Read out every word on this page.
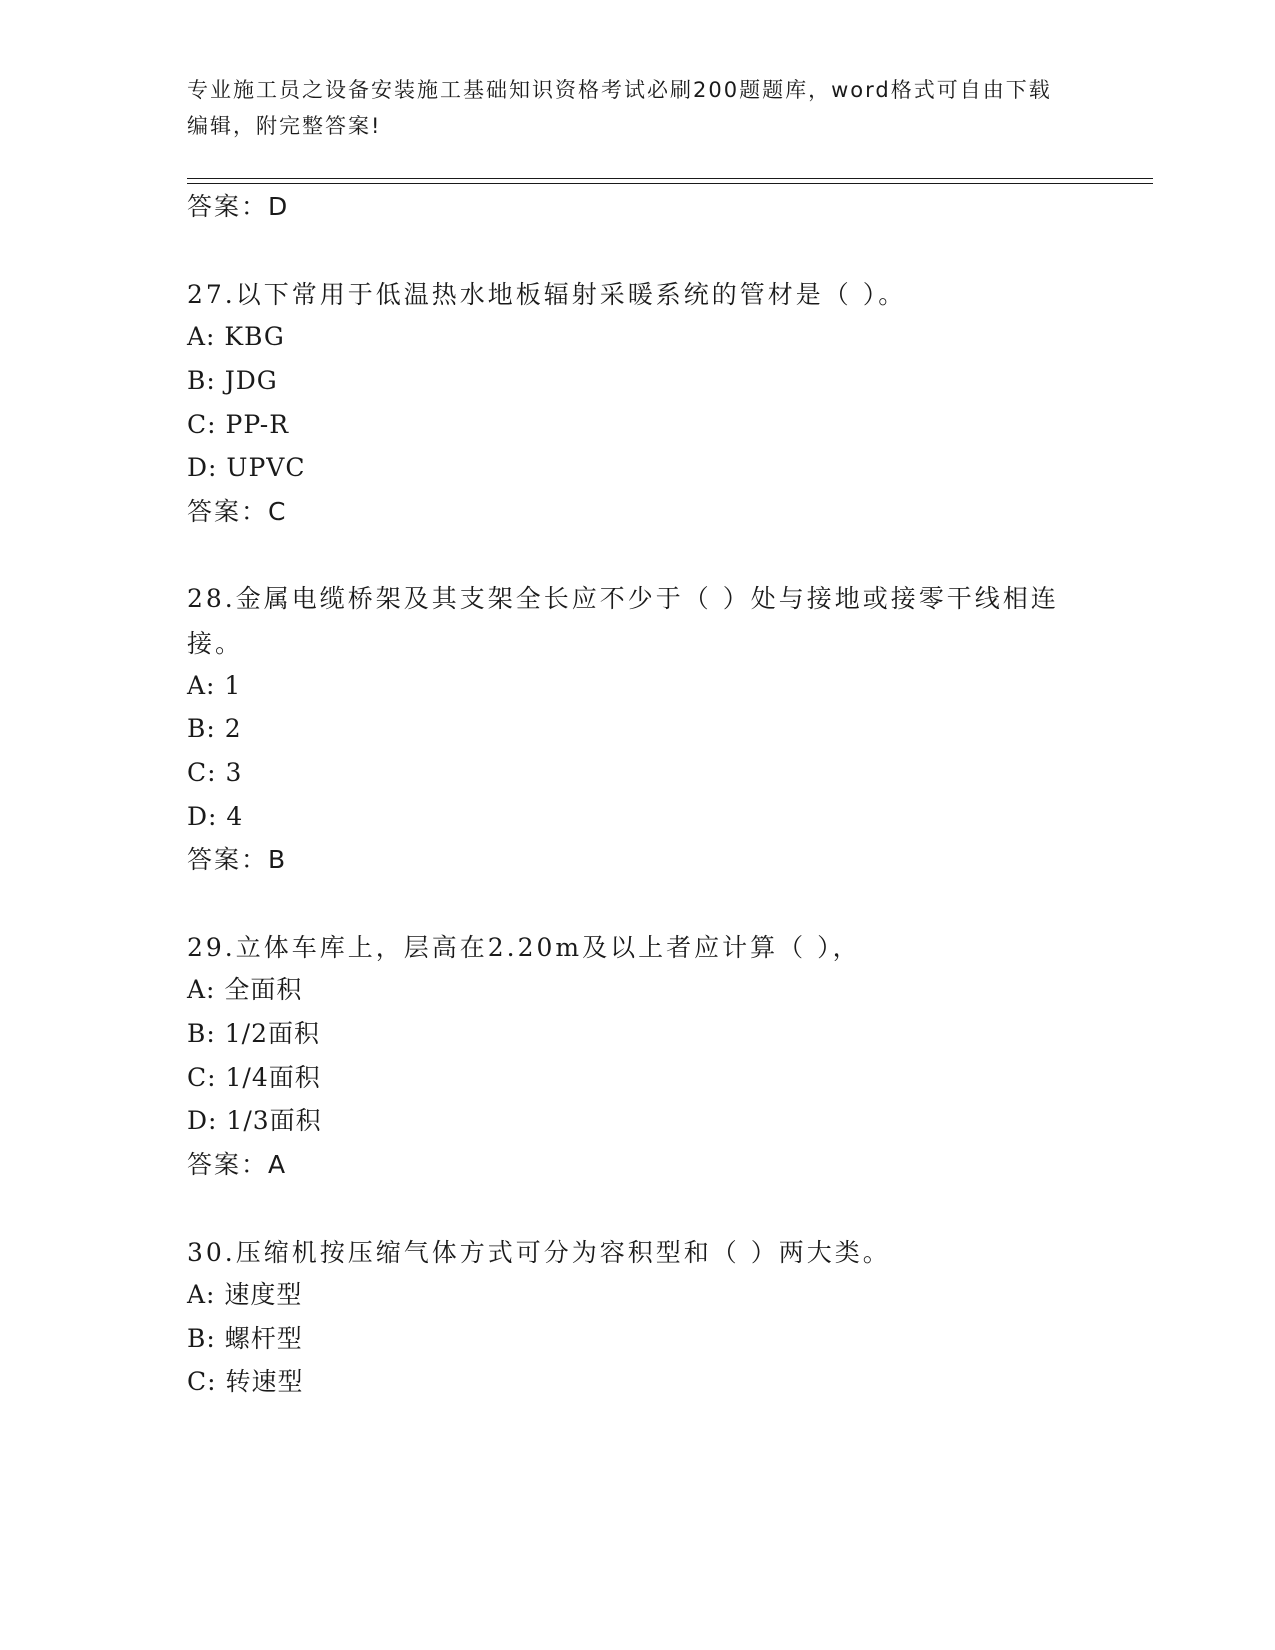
专业施工员之设备安装施工基础知识资格考试必刷200题题库，word格式可自由下载编辑，附完整答案!
答案：D
27.以下常用于低温热水地板辐射采暖系统的管材是（ ）。
A: KBG
B: JDG
C: PP-R
D: UPVC
答案：C
28.金属电缆桥架及其支架全长应不少于（ ）处与接地或接零干线相连接。
A: 1
B: 2
C: 3
D: 4
答案：B
29.立体车库上，层高在2.20m及以上者应计算（ ），
A: 全面积
B: 1/2面积
C: 1/4面积
D: 1/3面积
答案：A
30.压缩机按压缩气体方式可分为容积型和（ ）两大类。
A: 速度型
B: 螺杆型
C: 转速型
